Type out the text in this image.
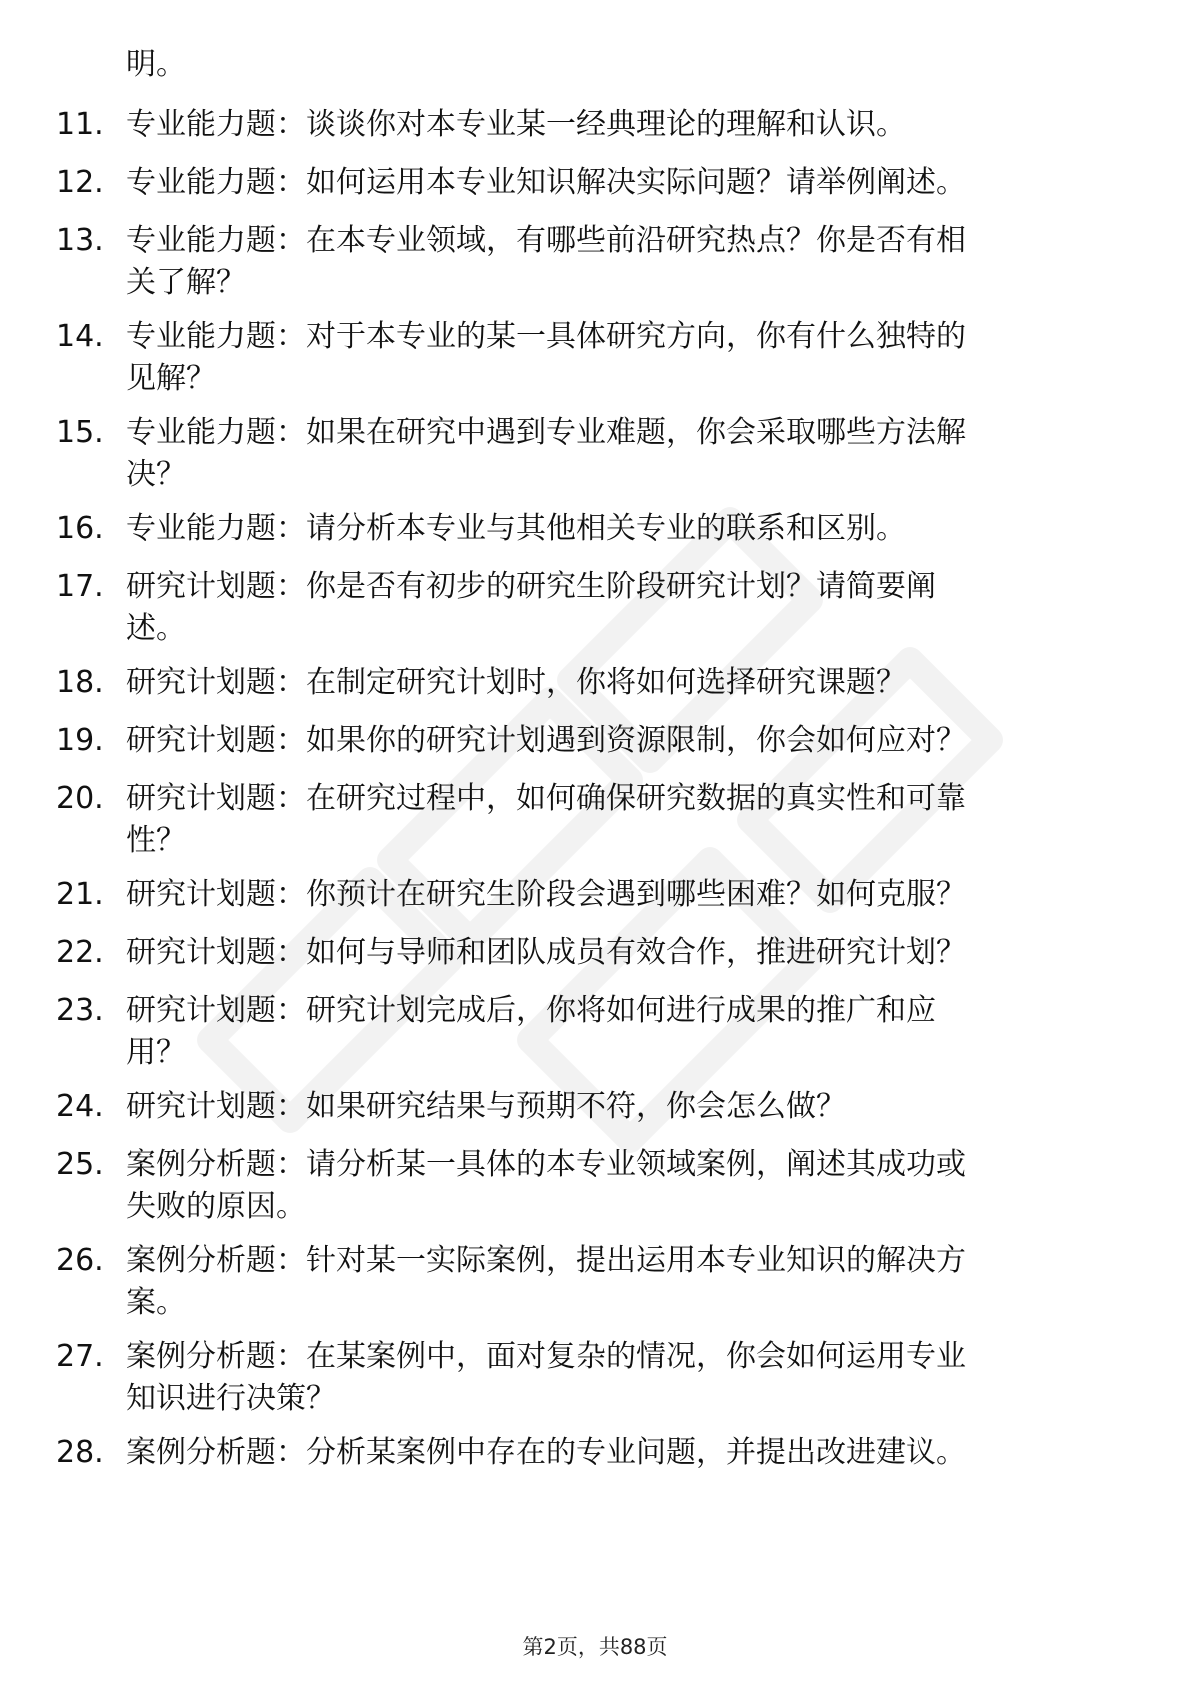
明。
11. 专业能力题：谈谈你对本专业某一经典理论的理解和认识。
12. 专业能力题：如何运用本专业知识解决实际问题？请举例阐述。
13. 专业能力题：在本专业领域，有哪些前沿研究热点？你是否有相
关了解？
14. 专业能力题：对于本专业的某一具体研究方向，你有什么独特的
见解？
15. 专业能力题：如果在研究中遇到专业难题，你会采取哪些方法解
决？
16. 专业能力题：请分析本专业与其他相关专业的联系和区别。
17. 研究计划题：你是否有初步的研究生阶段研究计划？请简要阐
述。
18. 研究计划题：在制定研究计划时，你将如何选择研究课题？
19. 研究计划题：如果你的研究计划遇到资源限制，你会如何应对？
20. 研究计划题：在研究过程中，如何确保研究数据的真实性和可靠
性？
21. 研究计划题：你预计在研究生阶段会遇到哪些困难？如何克服？
22. 研究计划题：如何与导师和团队成员有效合作，推进研究计划？
23. 研究计划题：研究计划完成后，你将如何进行成果的推广和应
用？
24. 研究计划题：如果研究结果与预期不符，你会怎么做？
25. 案例分析题：请分析某一具体的本专业领域案例，阐述其成功或
失败的原因。
26. 案例分析题：针对某一实际案例，提出运用本专业知识的解决方
案。
27. 案例分析题：在某案例中，面对复杂的情况，你会如何运用专业
知识进行决策？
28. 案例分析题：分析某案例中存在的专业问题，并提出改进建议。
第2页，共88页
